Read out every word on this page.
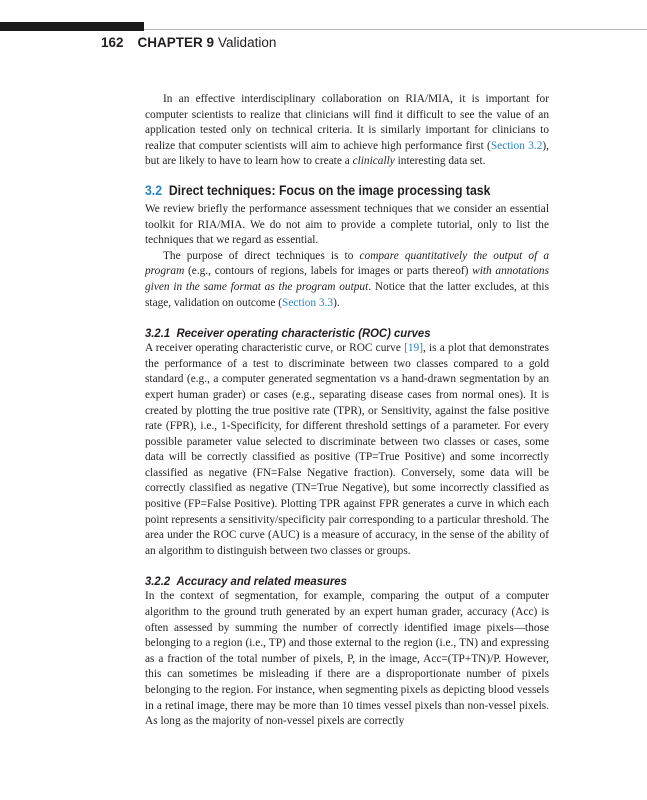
162 CHAPTER 9 Validation

In an effective interdisciplinary collaboration on RIA/MIA, it is important for computer scientists to realize that clinicians will find it difficult to see the value of an application tested only on technical criteria. It is similarly important for clinicians to realize that computer scientists will aim to achieve high performance first (Section 3.2), but are likely to have to learn how to create a clinically interesting data set.

3.2 Direct techniques: Focus on the image processing task

We review briefly the performance assessment techniques that we consider an essential toolkit for RIA/MIA. We do not aim to provide a complete tutorial, only to list the techniques that we regard as essential.

The purpose of direct techniques is to compare quantitatively the output of a program (e.g., contours of regions, labels for images or parts thereof) with annotations given in the same format as the program output. Notice that the latter excludes, at this stage, validation on outcome (Section 3.3).

3.2.1 Receiver operating characteristic (ROC) curves

A receiver operating characteristic curve, or ROC curve [19], is a plot that demonstrates the performance of a test to discriminate between two classes compared to a gold standard (e.g., a computer generated segmentation vs a hand-drawn segmentation by an expert human grader) or cases (e.g., separating disease cases from normal ones). It is created by plotting the true positive rate (TPR), or Sensitivity, against the false positive rate (FPR), i.e., 1-Specificity, for different threshold settings of a parameter. For every possible parameter value selected to discriminate between two classes or cases, some data will be correctly classified as positive (TP=True Positive) and some incorrectly classified as negative (FN=False Negative fraction). Conversely, some data will be correctly classified as negative (TN=True Negative), but some incorrectly classified as positive (FP=False Positive). Plotting TPR against FPR generates a curve in which each point represents a sensitivity/specificity pair corresponding to a particular threshold. The area under the ROC curve (AUC) is a measure of accuracy, in the sense of the ability of an algorithm to distinguish between two classes or groups.

3.2.2 Accuracy and related measures

In the context of segmentation, for example, comparing the output of a computer algorithm to the ground truth generated by an expert human grader, accuracy (Acc) is often assessed by summing the number of correctly identified image pixels—those belonging to a region (i.e., TP) and those external to the region (i.e., TN) and expressing as a fraction of the total number of pixels, P, in the image, Acc=(TP+TN)/P. However, this can sometimes be misleading if there are a disproportionate number of pixels belonging to the region. For instance, when segmenting pixels as depicting blood vessels in a retinal image, there may be more than 10 times vessel pixels than non-vessel pixels. As long as the majority of non-vessel pixels are correctly
